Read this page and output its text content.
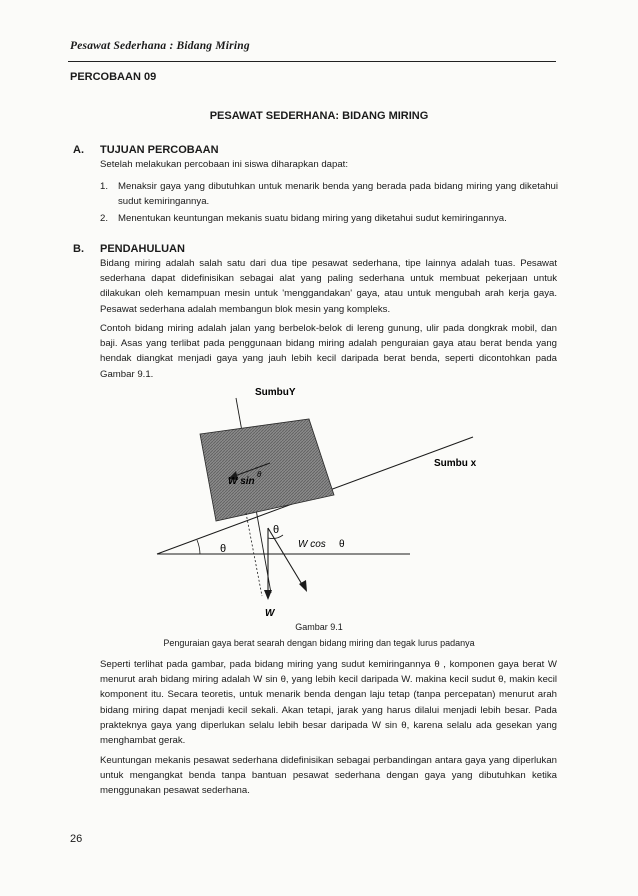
Pesawat Sederhana : Bidang Miring
PERCOBAAN 09
PESAWAT SEDERHANA: BIDANG MIRING
A. TUJUAN PERCOBAAN
Setelah melakukan percobaan ini siswa diharapkan dapat:
1. Menaksir gaya yang dibutuhkan untuk menarik benda yang berada pada bidang miring yang diketahui sudut kemiringannya.
2. Menentukan keuntungan mekanis suatu bidang miring yang diketahui sudut kemiringannya.
B. PENDAHULUAN
Bidang miring adalah salah satu dari dua tipe pesawat sederhana, tipe lainnya adalah tuas. Pesawat sederhana dapat didefinisikan sebagai alat yang paling sederhana untuk membuat pekerjaan untuk dilakukan oleh kemampuan mesin untuk 'menggandakan' gaya, atau untuk mengubah arah kerja gaya. Pesawat sederhana adalah membangun blok mesin yang kompleks.
Contoh bidang miring adalah jalan yang berbelok-belok di lereng gunung, ulir pada dongkrak mobil, dan baji. Asas yang terlibat pada penggunaan bidang miring adalah penguraian gaya atau berat benda yang hendak diangkat menjadi gaya yang jauh lebih kecil daripada berat benda, seperti dicontohkan pada Gambar 9.1.
SumbuY
Sumbu x
W sin
θ
θ
θ	W cos θ
W
Gambar 9.1
Penguraian gaya berat searah dengan bidang miring dan tegak lurus padanya
Seperti terlihat pada gambar, pada bidang miring yang sudut kemiringannya θ , komponen gaya berat W menurut arah bidang miring adalah W sin θ, yang lebih kecil daripada W. makina kecil sudut θ, makin kecil komponent itu. Secara teoretis, untuk menarik benda dengan laju tetap (tanpa percepatan) menurut arah bidang miring dapat menjadi kecil sekali. Akan tetapi, jarak yang harus dilalui menjadi lebih besar. Pada prakteknya gaya yang diperlukan selalu lebih besar daripada W sin θ, karena selalu ada gesekan yang menghambat gerak.
Keuntungan mekanis pesawat sederhana didefinisikan sebagai perbandingan antara gaya yang diperlukan untuk mengangkat benda tanpa bantuan pesawat sederhana dengan gaya yang dibutuhkan ketika menggunakan pesawat sederhana.
26
